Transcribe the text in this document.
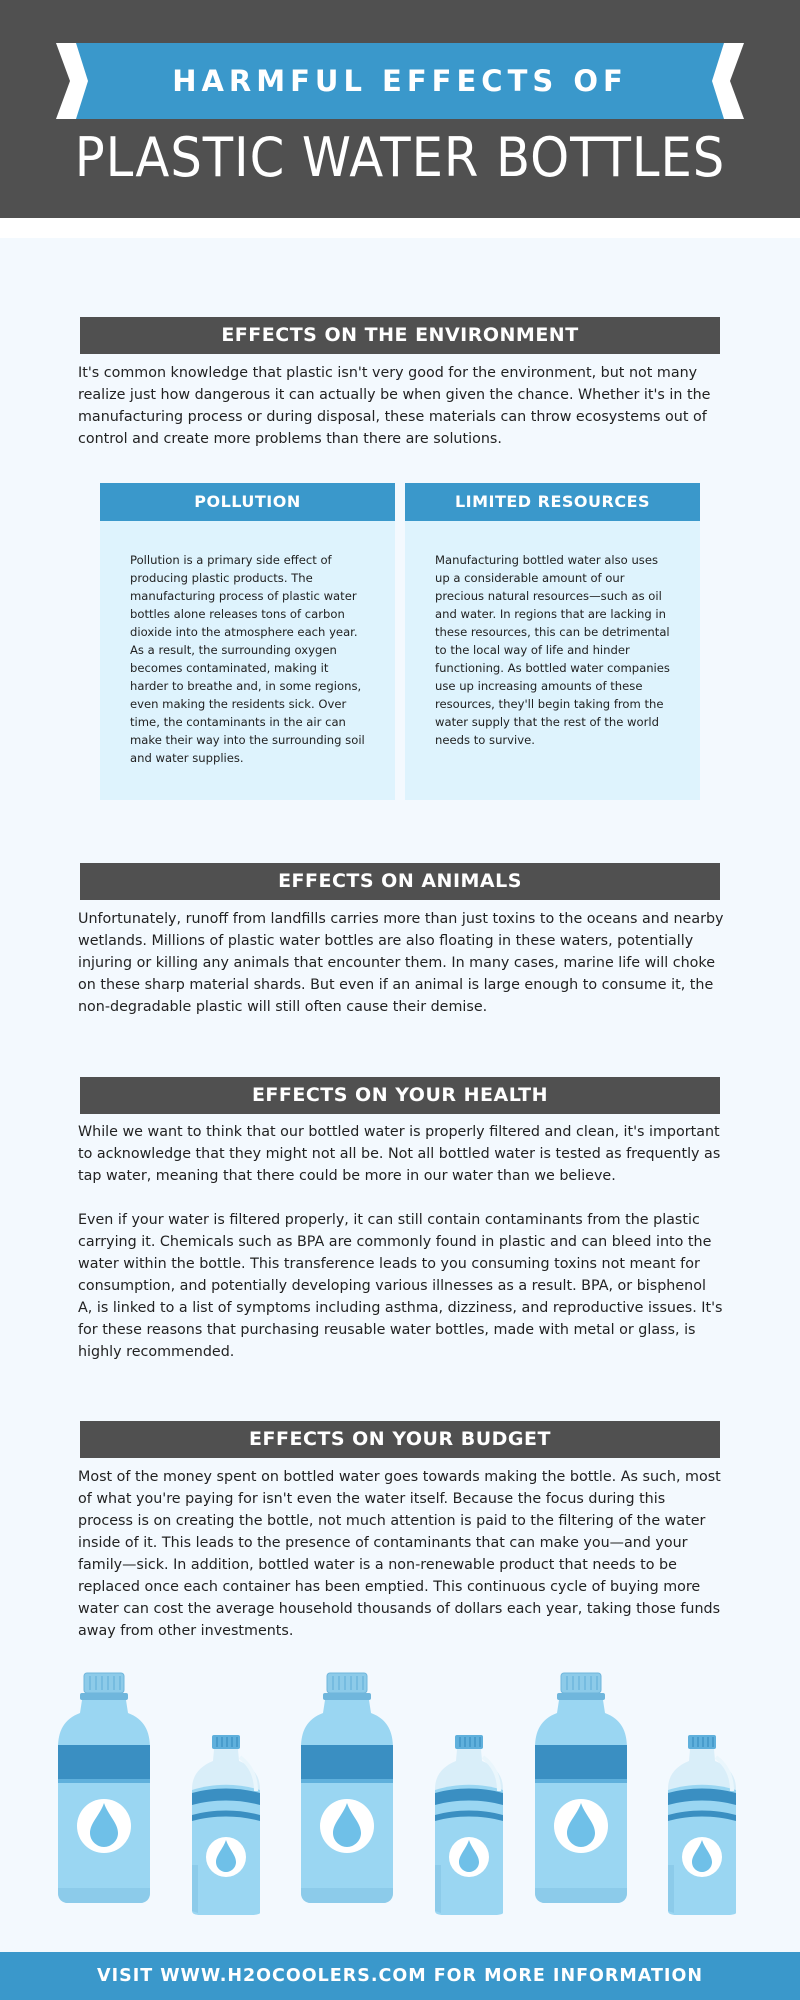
HARMFUL EFFECTS OF
PLASTIC WATER BOTTLES
EFFECTS ON THE ENVIRONMENT

It's common knowledge that plastic isn't very good for the environment, but not many realize just how dangerous it can actually be when given the chance. Whether it's in the manufacturing process or during disposal, these materials can throw ecosystems out of control and create more problems than there are solutions.

POLLUTION
Pollution is a primary side effect of producing plastic products. The manufacturing process of plastic water bottles alone releases tons of carbon dioxide into the atmosphere each year. As a result, the surrounding oxygen becomes contaminated, making it harder to breathe and, in some regions, even making the residents sick. Over time, the contaminants in the air can make their way into the surrounding soil and water supplies.
LIMITED RESOURCES
Manufacturing bottled water also uses up a considerable amount of our precious natural resources—such as oil and water. In regions that are lacking in these resources, this can be detrimental to the local way of life and hinder functioning. As bottled water companies use up increasing amounts of these resources, they'll begin taking from the water supply that the rest of the world needs to survive.
EFFECTS ON ANIMALS

Unfortunately, runoff from landfills carries more than just toxins to the oceans and nearby wetlands. Millions of plastic water bottles are also floating in these waters, potentially injuring or killing any animals that encounter them. In many cases, marine life will choke on these sharp material shards. But even if an animal is large enough to consume it, the non-degradable plastic will still often cause their demise.

EFFECTS ON YOUR HEALTH

While we want to think that our bottled water is properly filtered and clean, it's important to acknowledge that they might not all be. Not all bottled water is tested as frequently as tap water, meaning that there could be more in our water than we believe.

Even if your water is filtered properly, it can still contain contaminants from the plastic carrying it. Chemicals such as BPA are commonly found in plastic and can bleed into the water within the bottle. This transference leads to you consuming toxins not meant for consumption, and potentially developing various illnesses as a result. BPA, or bisphenol A, is linked to a list of symptoms including asthma, dizziness, and reproductive issues. It's for these reasons that purchasing reusable water bottles, made with metal or glass, is highly recommended.

EFFECTS ON YOUR BUDGET

Most of the money spent on bottled water goes towards making the bottle. As such, most of what you're paying for isn't even the water itself. Because the focus during this process is on creating the bottle, not much attention is paid to the filtering of the water inside of it. This leads to the presence of contaminants that can make you—and your family—sick. In addition, bottled water is a non-renewable product that needs to be replaced once each container has been emptied. This continuous cycle of buying more water can cost the average household thousands of dollars each year, taking those funds away from other investments.

VISIT WWW.H2OCOOLERS.COM FOR MORE INFORMATION
